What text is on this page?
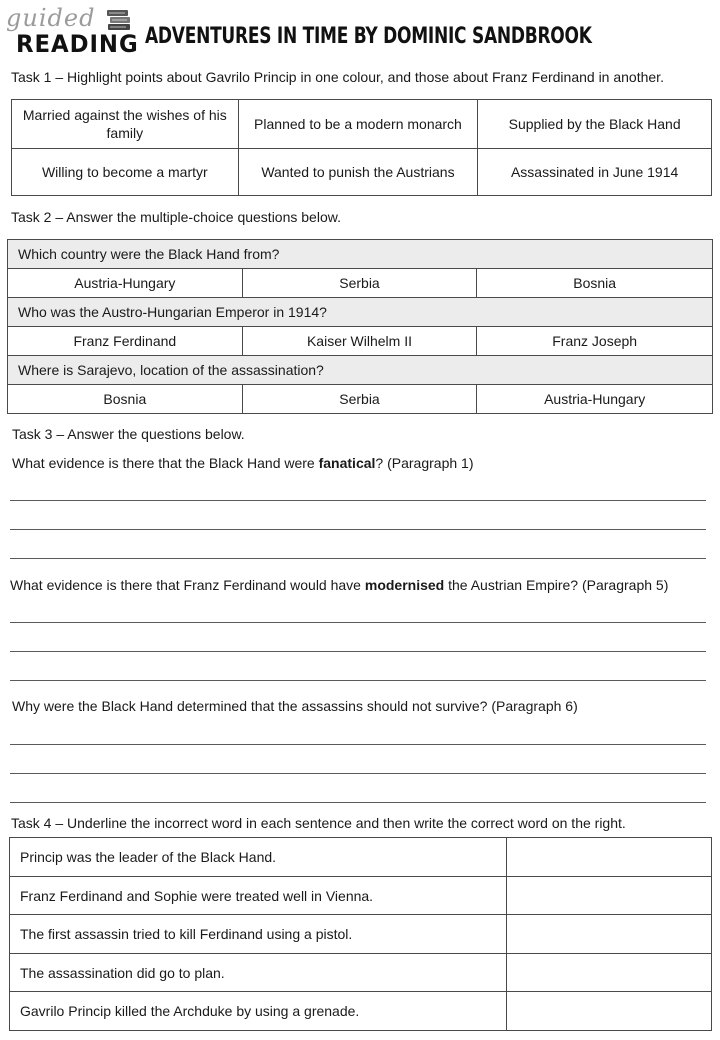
guided
READING ADVENTURES IN TIME BY DOMINIC SANDBROOK
Task 1 – Highlight points about Gavrilo Princip in one colour, and those about Franz Ferdinand in another.
Married against the wishes of his family	Planned to be a modern monarch	Supplied by the Black Hand
Willing to become a martyr	Wanted to punish the Austrians	Assassinated in June 1914
Task 2 – Answer the multiple-choice questions below.
Which country were the Black Hand from?		
Austria-Hungary	Serbia	Bosnia
Who was the Austro-Hungarian Emperor in 1914?		
Franz Ferdinand	Kaiser Wilhelm II	Franz Joseph
Where is Sarajevo, location of the assassination?		
Bosnia	Serbia	Austria-Hungary
Task 3 – Answer the questions below.
What evidence is there that the Black Hand were fanatical? (Paragraph 1)
What evidence is there that Franz Ferdinand would have modernised the Austrian Empire? (Paragraph 5)
Why were the Black Hand determined that the assassins should not survive? (Paragraph 6)
Task 4 – Underline the incorrect word in each sentence and then write the correct word on the right.
Princip was the leader of the Black Hand.	
Franz Ferdinand and Sophie were treated well in Vienna.	
The first assassin tried to kill Ferdinand using a pistol.	
The assassination did go to plan.	
Gavrilo Princip killed the Archduke by using a grenade.	
